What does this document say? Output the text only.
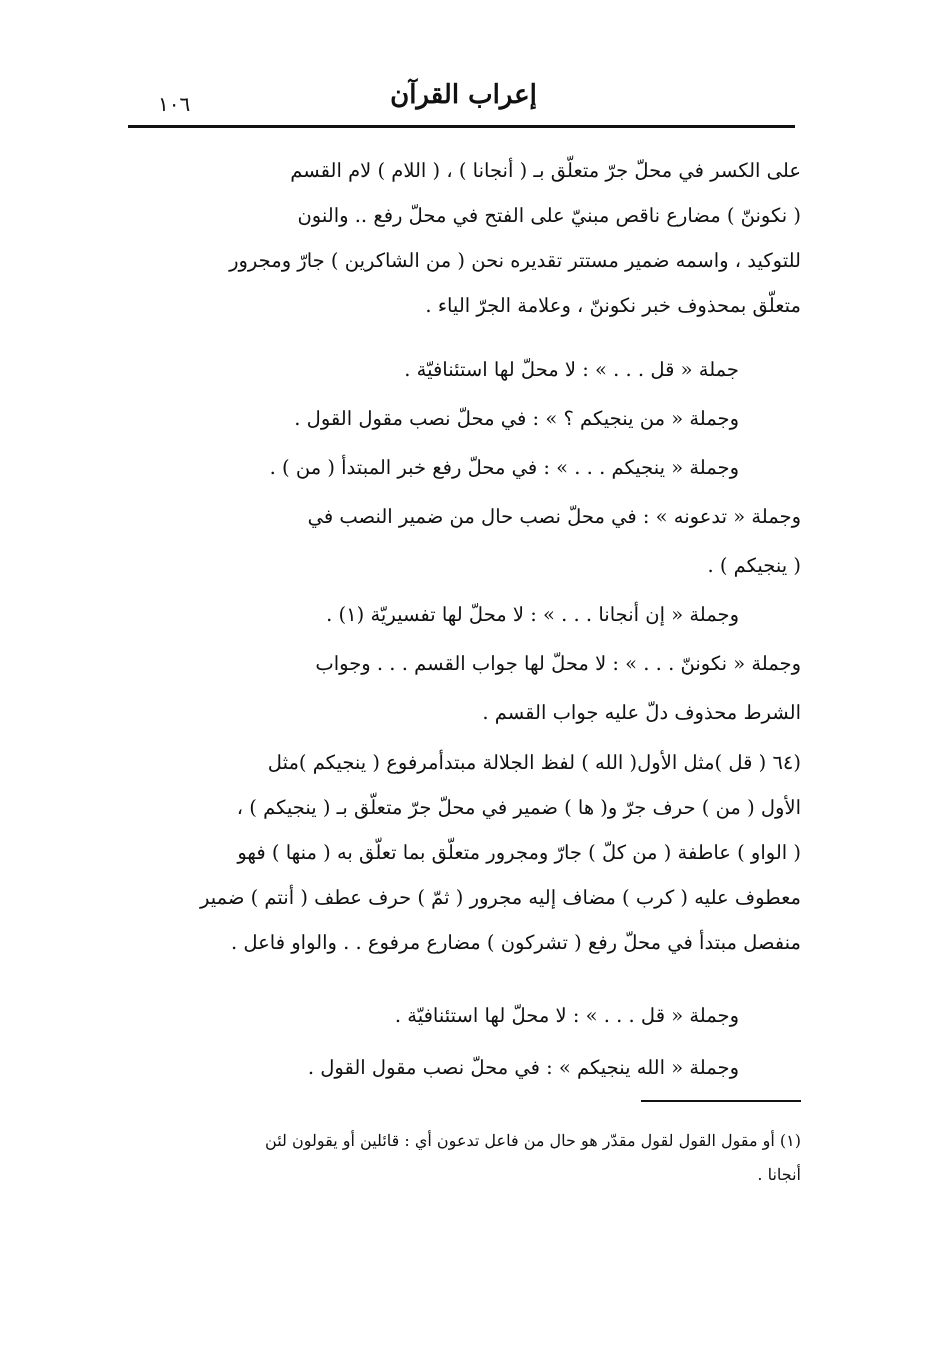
إعراب القرآن
١٠٦

على الكسر في محلّ جرّ متعلّق بـ ( أنجانا ) ، ( اللام ) لام القسم

( نكوننّ ) مضارع ناقص مبنيّ على الفتح في محلّ رفع .. والنون

للتوكيد ، واسمه ضمير مستتر تقديره نحن ( من الشاكرين ) جارّ ومجرور

متعلّق بمحذوف خبر نكوننّ ، وعلامة الجرّ الياء .

جملة « قل . . . » : لا محلّ لها استئنافيّة .

وجملة « من ينجيكم ؟ » : في محلّ نصب مقول القول .

وجملة « ينجيكم . . . » : في محلّ رفع خبر المبتدأ ( من ) .

وجملة « تدعونه » : في محلّ نصب حال من ضمير النصب في

( ينجيكم ) .

وجملة « إن أنجانا . . . » : لا محلّ لها تفسيريّة (١) .

وجملة « نكوننّ . . . » : لا محلّ لها جواب القسم . . . وجواب

الشرط محذوف دلّ عليه جواب القسم .

(٦٤ ( قل )مثل الأول( الله ) لفظ الجلالة مبتدأمرفوع ( ينجيكم )مثل

الأول ( من ) حرف جرّ و( ها ) ضمير في محلّ جرّ متعلّق بـ ( ينجيكم ) ،

( الواو ) عاطفة ( من كلّ ) جارّ ومجرور متعلّق بما تعلّق به ( منها ) فهو

معطوف عليه ( كرب ) مضاف إليه مجرور ( ثمّ ) حرف عطف ( أنتم ) ضمير

منفصل مبتدأ في محلّ رفع ( تشركون ) مضارع مرفوع . . والواو فاعل .

وجملة « قل . . . » : لا محلّ لها استئنافيّة .

وجملة « الله ينجيكم » : في محلّ نصب مقول القول .

(١) أو مقول القول لقول مقدّر هو حال من فاعل تدعون أي : قائلين أو يقولون لئن
أنجانا .
